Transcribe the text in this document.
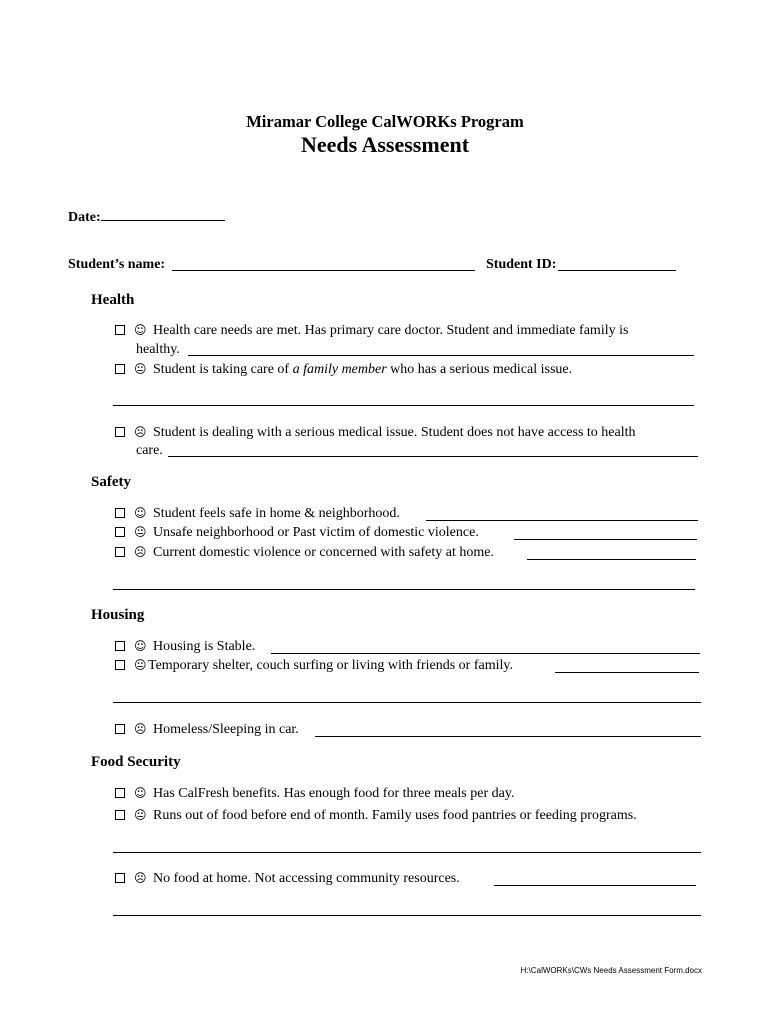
Miramar College CalWORKs Program
Needs Assessment
Date:
Student’s name:	Student ID:
Health
☺ Health care needs are met. Has primary care doctor. Student and immediate family is
healthy.
😐 Student is taking care of a family member who has a serious medical issue.
☹ Student is dealing with a serious medical issue. Student does not have access to health
care.
Safety
☺ Student feels safe in home & neighborhood.
😐 Unsafe neighborhood or Past victim of domestic violence.
☹ Current domestic violence or concerned with safety at home.
Housing
☺ Housing is Stable.
😐Temporary shelter, couch surfing or living with friends or family.
☹ Homeless/Sleeping in car.
Food Security
☺ Has CalFresh benefits. Has enough food for three meals per day.
😐 Runs out of food before end of month. Family uses food pantries or feeding programs.
☹ No food at home. Not accessing community resources.
H:\CalWORKs\CWs Needs Assessment Form.docx
